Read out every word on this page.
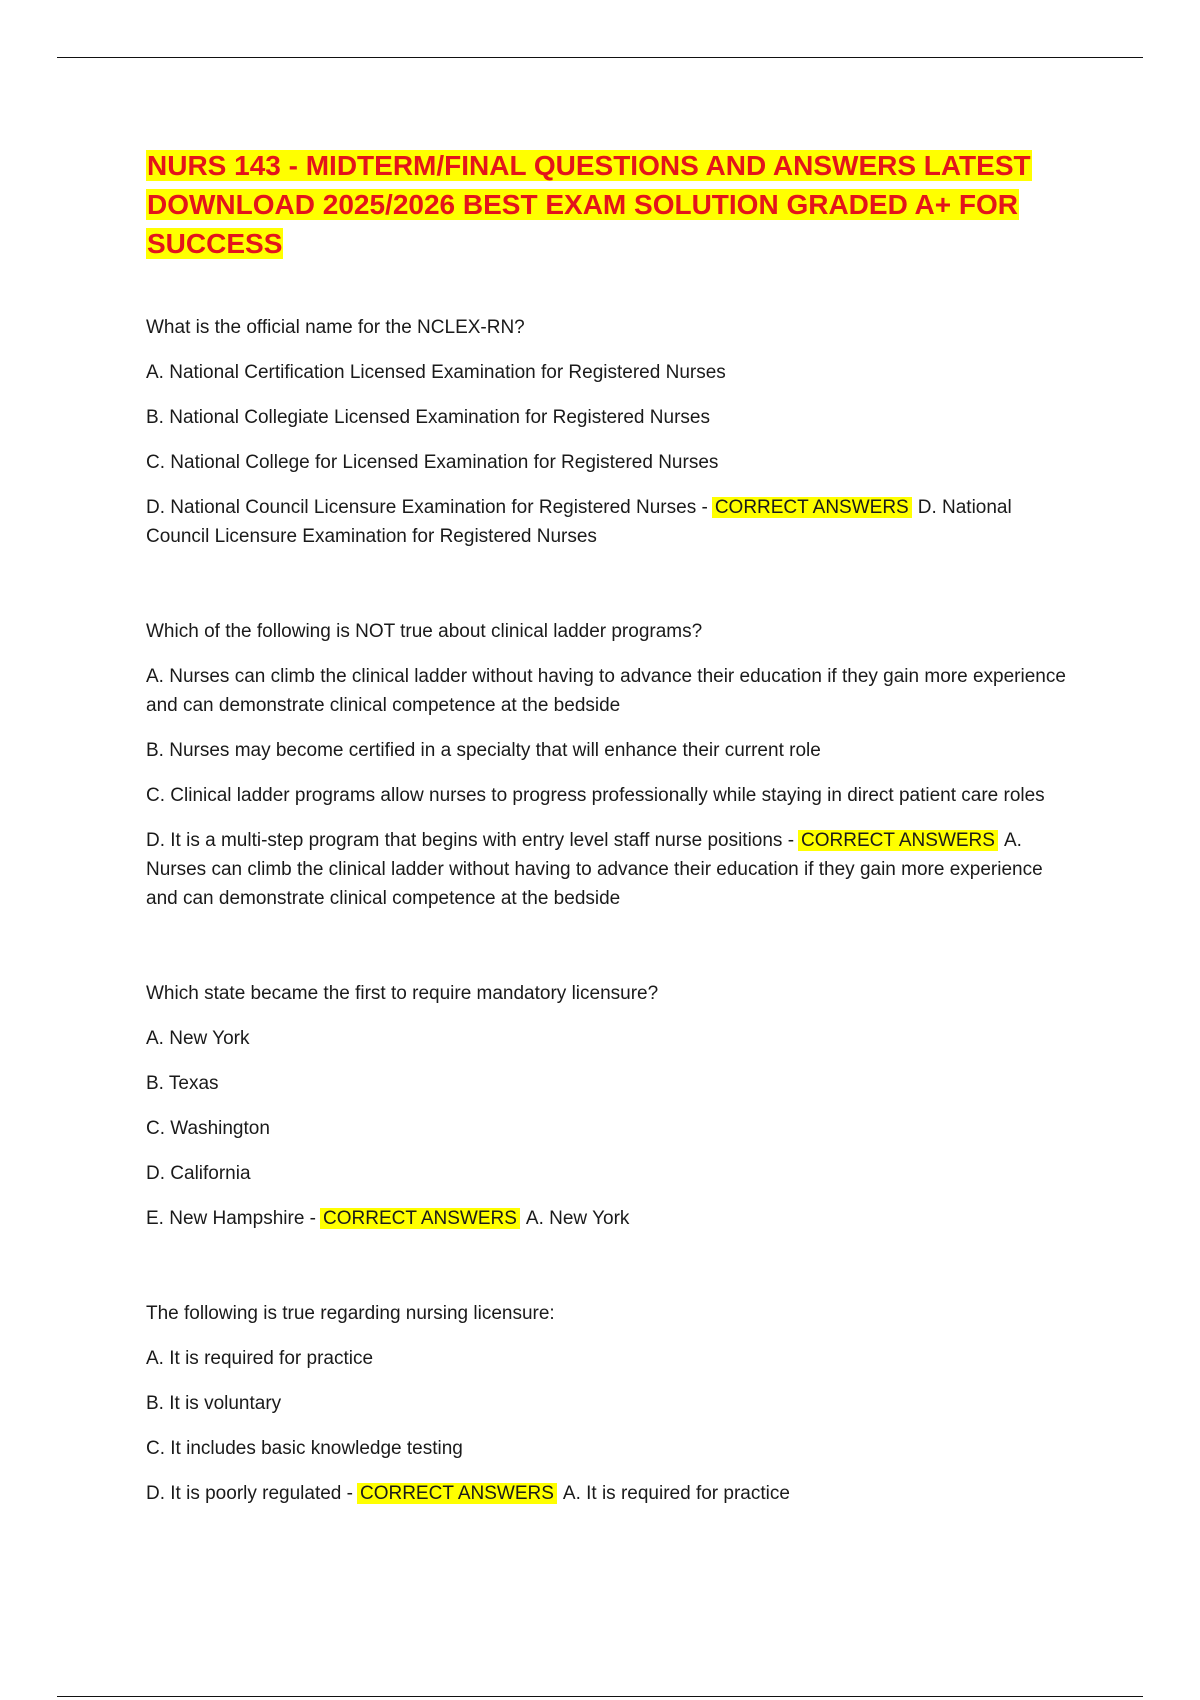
NURS 143 - MIDTERM/FINAL QUESTIONS AND ANSWERS LATEST DOWNLOAD 2025/2026 BEST EXAM SOLUTION GRADED A+ FOR SUCCESS

What is the official name for the NCLEX-RN?

A. National Certification Licensed Examination for Registered Nurses

B. National Collegiate Licensed Examination for Registered Nurses

C. National College for Licensed Examination for Registered Nurses

D. National Council Licensure Examination for Registered Nurses - CORRECT ANSWERS D. National Council Licensure Examination for Registered Nurses

Which of the following is NOT true about clinical ladder programs?

A. Nurses can climb the clinical ladder without having to advance their education if they gain more experience and can demonstrate clinical competence at the bedside

B. Nurses may become certified in a specialty that will enhance their current role

C. Clinical ladder programs allow nurses to progress professionally while staying in direct patient care roles

D. It is a multi-step program that begins with entry level staff nurse positions - CORRECT ANSWERS A. Nurses can climb the clinical ladder without having to advance their education if they gain more experience and can demonstrate clinical competence at the bedside

Which state became the first to require mandatory licensure?

A. New York

B. Texas

C. Washington

D. California

E. New Hampshire - CORRECT ANSWERS A. New York

The following is true regarding nursing licensure:

A. It is required for practice

B. It is voluntary

C. It includes basic knowledge testing

D. It is poorly regulated - CORRECT ANSWERS A. It is required for practice
